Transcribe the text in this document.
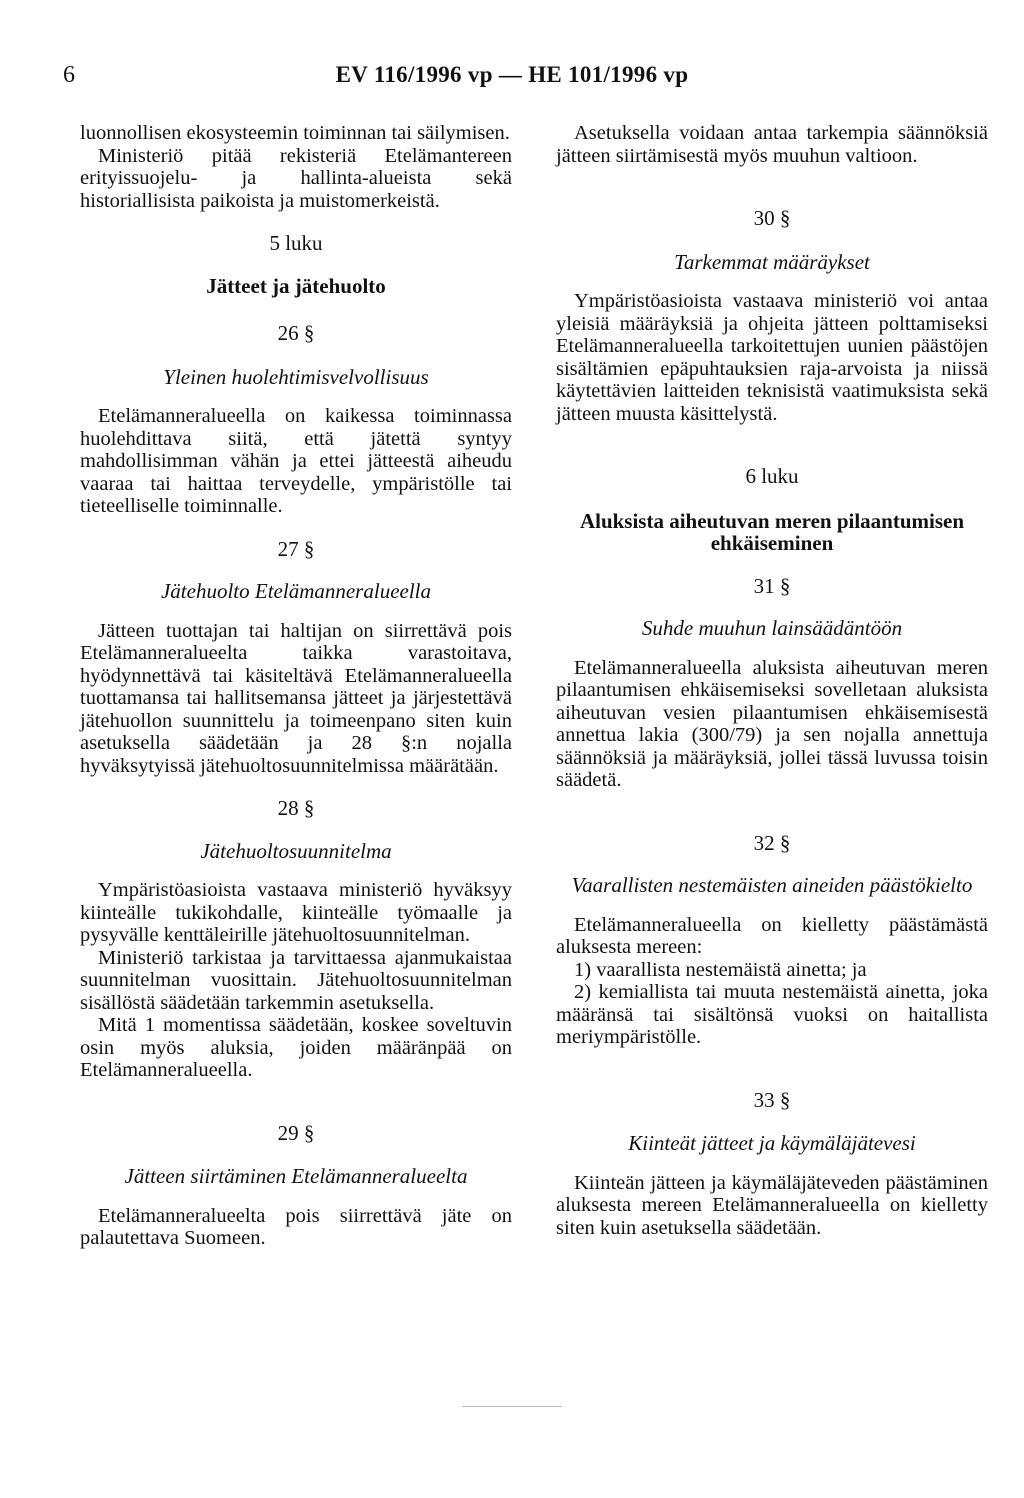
6	EV 116/1996 vp — HE 101/1996 vp

luonnollisen ekosysteemin toiminnan tai säilymisen.

Ministeriö pitää rekisteriä Etelämantereen erityissuojelu- ja hallinta-alueista sekä historiallisista paikoista ja muistomerkeistä.

5 luku

Jätteet ja jätehuolto

26 §

Yleinen huolehtimisvelvollisuus

Etelämanneralueella on kaikessa toiminnassa huolehdittava siitä, että jätettä syntyy mahdollisimman vähän ja ettei jätteestä aiheudu vaaraa tai haittaa terveydelle, ympäristölle tai tieteelliselle toiminnalle.

27 §

Jätehuolto Etelämanneralueella

Jätteen tuottajan tai haltijan on siirrettävä pois Etelämanneralueelta taikka varastoitava, hyödynnettävä tai käsiteltävä Etelämanneralueella tuottamansa tai hallitsemansa jätteet ja järjestettävä jätehuollon suunnittelu ja toimeenpano siten kuin asetuksella säädetään ja 28 §:n nojalla hyväksytyissä jätehuoltosuunnitelmissa määrätään.

28 §

Jätehuoltosuunnitelma

Ympäristöasioista vastaava ministeriö hyväksyy kiinteälle tukikohdalle, kiinteälle työmaalle ja pysyvälle kenttäleirille jätehuoltosuunnitelman.

Ministeriö tarkistaa ja tarvittaessa ajanmukaistaa suunnitelman vuosittain. Jätehuoltosuunnitelman sisällöstä säädetään tarkemmin asetuksella.

Mitä 1 momentissa säädetään, koskee soveltuvin osin myös aluksia, joiden määränpää on Etelämanneralueella.

29 §

Jätteen siirtäminen Etelämanneralueelta

Etelämanneralueelta pois siirrettävä jäte on palautettava Suomeen.

Asetuksella voidaan antaa tarkempia säännöksiä jätteen siirtämisestä myös muuhun valtioon.

30 §

Tarkemmat määräykset

Ympäristöasioista vastaava ministeriö voi antaa yleisiä määräyksiä ja ohjeita jätteen polttamiseksi Etelämanneralueella tarkoitettujen uunien päästöjen sisältämien epäpuhtauksien raja-arvoista ja niissä käytettävien laitteiden teknisistä vaatimuksista sekä jätteen muusta käsittelystä.

6 luku

Aluksista aiheutuvan meren pilaantumisen ehkäiseminen

31 §

Suhde muuhun lainsäädäntöön

Etelämanneralueella aluksista aiheutuvan meren pilaantumisen ehkäisemiseksi sovelletaan aluksista aiheutuvan vesien pilaantumisen ehkäisemisestä annettua lakia (300/79) ja sen nojalla annettuja säännöksiä ja määräyksiä, jollei tässä luvussa toisin säädetä.

32 §

Vaarallisten nestemäisten aineiden päästökielto

Etelämanneralueella on kielletty päästämästä aluksesta mereen:

1) vaarallista nestemäistä ainetta; ja

2) kemiallista tai muuta nestemäistä ainetta, joka määränsä tai sisältönsä vuoksi on haitallista meriympäristölle.

33 §

Kiinteät jätteet ja käymäläjätevesi

Kiinteän jätteen ja käymäläjäteveden päästäminen aluksesta mereen Etelämanneralueella on kielletty siten kuin asetuksella säädetään.
